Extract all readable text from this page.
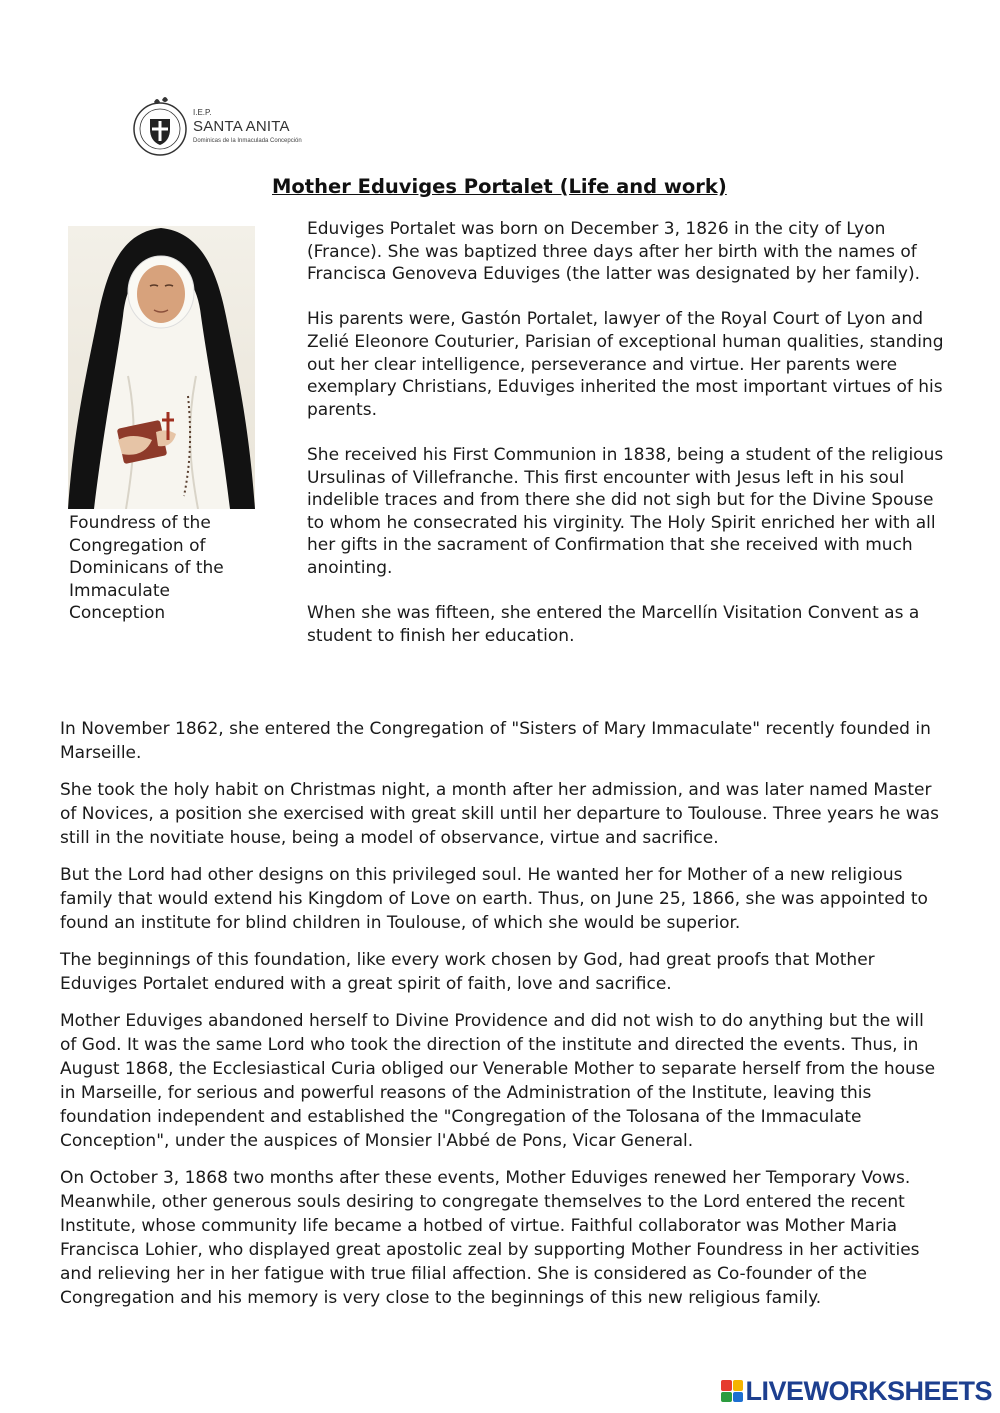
I.E.P.
SANTA ANITA
Dominicas de la Inmaculada Concepción
Mother Eduviges Portalet (Life and work)
Foundress of the Congregation of Dominicans of the Immaculate Conception

Eduviges Portalet was born on December 3, 1826 in the city of Lyon (France). She was baptized three days after her birth with the names of Francisca Genoveva Eduviges (the latter was designated by her family).

His parents were, Gastón Portalet, lawyer of the Royal Court of Lyon and Zelié Eleonore Couturier, Parisian of exceptional human qualities, standing out her clear intelligence, perseverance and virtue. Her parents were exemplary Christians, Eduviges inherited the most important virtues of his parents.

She received his First Communion in 1838, being a student of the religious Ursulinas of Villefranche. This first encounter with Jesus left in his soul indelible traces and from there she did not sigh but for the Divine Spouse to whom he consecrated his virginity. The Holy Spirit enriched her with all her gifts in the sacrament of Confirmation that she received with much anointing.

When she was fifteen, she entered the Marcellín Visitation Convent as a student to finish her education.

In November 1862, she entered the Congregation of "Sisters of Mary Immaculate" recently founded in Marseille.

She took the holy habit on Christmas night, a month after her admission, and was later named Master of Novices, a position she exercised with great skill until her departure to Toulouse. Three years he was still in the novitiate house, being a model of observance, virtue and sacrifice.

But the Lord had other designs on this privileged soul. He wanted her for Mother of a new religious family that would extend his Kingdom of Love on earth. Thus, on June 25, 1866, she was appointed to found an institute for blind children in Toulouse, of which she would be superior.

The beginnings of this foundation, like every work chosen by God, had great proofs that Mother Eduviges Portalet endured with a great spirit of faith, love and sacrifice.

Mother Eduviges abandoned herself to Divine Providence and did not wish to do anything but the will of God. It was the same Lord who took the direction of the institute and directed the events. Thus, in August 1868, the Ecclesiastical Curia obliged our Venerable Mother to separate herself from the house in Marseille, for serious and powerful reasons of the Administration of the Institute, leaving this foundation independent and established the "Congregation of the Tolosana of the Immaculate Conception", under the auspices of Monsier l'Abbé de Pons, Vicar General.

On October 3, 1868 two months after these events, Mother Eduviges renewed her Temporary Vows. Meanwhile, other generous souls desiring to congregate themselves to the Lord entered the recent Institute, whose community life became a hotbed of virtue. Faithful collaborator was Mother Maria Francisca Lohier, who displayed great apostolic zeal by supporting Mother Foundress in her activities and relieving her in her fatigue with true filial affection. She is considered as Co-founder of the Congregation and his memory is very close to the beginnings of this new religious family.

LIVEWORKSHEETS
